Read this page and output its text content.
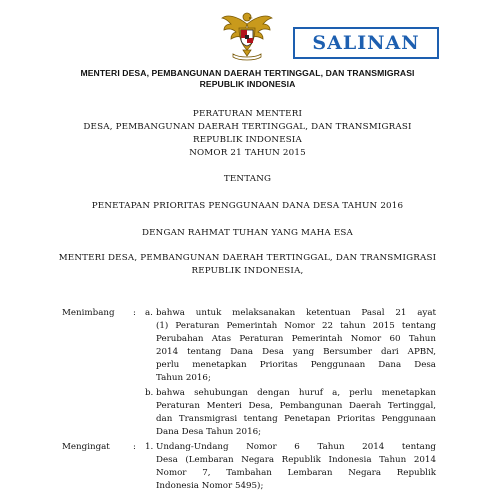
SALINAN
MENTERI DESA, PEMBANGUNAN DAERAH TERTINGGAL, DAN TRANSMIGRASI
REPUBLIK INDONESIA
PERATURAN MENTERI
DESA, PEMBANGUNAN DAERAH TERTINGGAL, DAN TRANSMIGRASI
REPUBLIK INDONESIA
NOMOR 21 TAHUN 2015
TENTANG
PENETAPAN PRIORITAS PENGGUNAAN DANA DESA TAHUN 2016
DENGAN RAHMAT TUHAN YANG MAHA ESA
MENTERI DESA, PEMBANGUNAN DAERAH TERTINGGAL, DAN TRANSMIGRASI
REPUBLIK INDONESIA,
Menimbang : a. bahwa untuk melaksanakan ketentuan Pasal 21 ayat
(1) Peraturan Pemerintah Nomor 22 tahun 2015 tentang
Perubahan Atas Peraturan Pemerintah Nomor 60 Tahun
2014 tentang Dana Desa yang Bersumber dari APBN,
perlu menetapkan Prioritas Penggunaan Dana Desa
Tahun 2016;
b. bahwa sehubungan dengan huruf a, perlu menetapkan
Peraturan Menteri Desa, Pembangunan Daerah Tertinggal,
dan Transmigrasi tentang Penetapan Prioritas Penggunaan
Dana Desa Tahun 2016;
Mengingat	: 1. Undang-Undang Nomor 6 Tahun 2014 tentang
Desa (Lembaran Negara Republik Indonesia Tahun 2014
Nomor 7, Tambahan Lembaran Negara Republik
Indonesia Nomor 5495);
